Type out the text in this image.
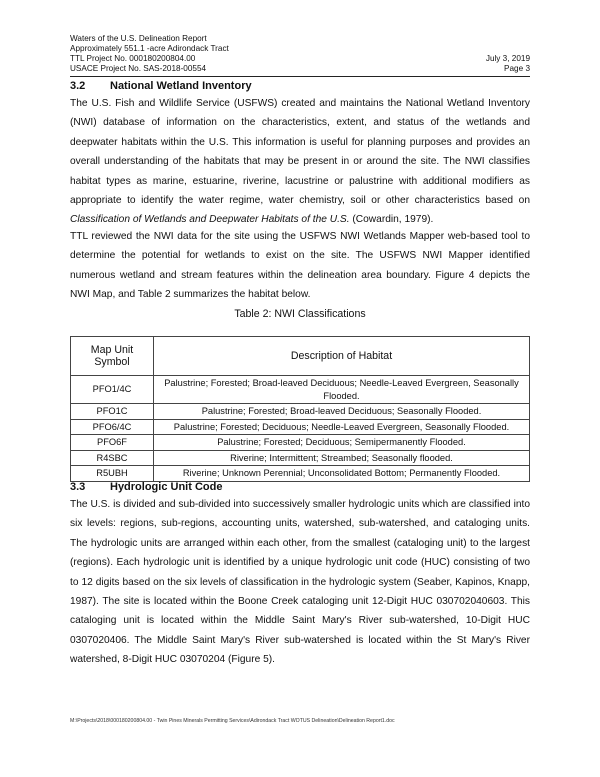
Waters of the U.S. Delineation Report
Approximately 551.1 -acre Adirondack Tract
TTL Project No. 000180200804.00
USACE Project No. SAS-2018-00554
July 3, 2019
Page 3
3.2 National Wetland Inventory

The U.S. Fish and Wildlife Service (USFWS) created and maintains the National Wetland Inventory (NWI) database of information on the characteristics, extent, and status of the wetlands and deepwater habitats within the U.S. This information is useful for planning purposes and provides an overall understanding of the habitats that may be present in or around the site. The NWI classifies habitat types as marine, estuarine, riverine, lacustrine or palustrine with additional modifiers as appropriate to identify the water regime, water chemistry, soil or other characteristics based on Classification of Wetlands and Deepwater Habitats of the U.S. (Cowardin, 1979).

TTL reviewed the NWI data for the site using the USFWS NWI Wetlands Mapper web-based tool to determine the potential for wetlands to exist on the site. The USFWS NWI Mapper identified numerous wetland and stream features within the delineation area boundary. Figure 4 depicts the NWI Map, and Table 2 summarizes the habitat below.

Table 2: NWI Classifications
Map Unit Symbol	Description of Habitat
PFO1/4C	Palustrine; Forested; Broad-leaved Deciduous; Needle-Leaved Evergreen, Seasonally Flooded.
PFO1C	Palustrine; Forested; Broad-leaved Deciduous; Seasonally Flooded.
PFO6/4C	Palustrine; Forested; Deciduous; Needle-Leaved Evergreen, Seasonally Flooded.
PFO6F	Palustrine; Forested; Deciduous; Semipermanently Flooded.
R4SBC	Riverine; Intermittent; Streambed; Seasonally flooded.
R5UBH	Riverine; Unknown Perennial; Unconsolidated Bottom; Permanently Flooded.
3.3 Hydrologic Unit Code

The U.S. is divided and sub-divided into successively smaller hydrologic units which are classified into six levels: regions, sub-regions, accounting units, watershed, sub-watershed, and cataloging units. The hydrologic units are arranged within each other, from the smallest (cataloging unit) to the largest (regions). Each hydrologic unit is identified by a unique hydrologic unit code (HUC) consisting of two to 12 digits based on the six levels of classification in the hydrologic system (Seaber, Kapinos, Knapp, 1987). The site is located within the Boone Creek cataloging unit 12-Digit HUC 030702040603. This cataloging unit is located within the Middle Saint Mary's River sub-watershed, 10-Digit HUC 0307020406. The Middle Saint Mary's River sub-watershed is located within the St Mary's River watershed, 8-Digit HUC 03070204 (Figure 5).

M:\Projects\2018\000180200804.00 - Twin Pines Minerals Permitting Services\Adirondack Tract WOTUS Delineation\Delineation Report1.doc
